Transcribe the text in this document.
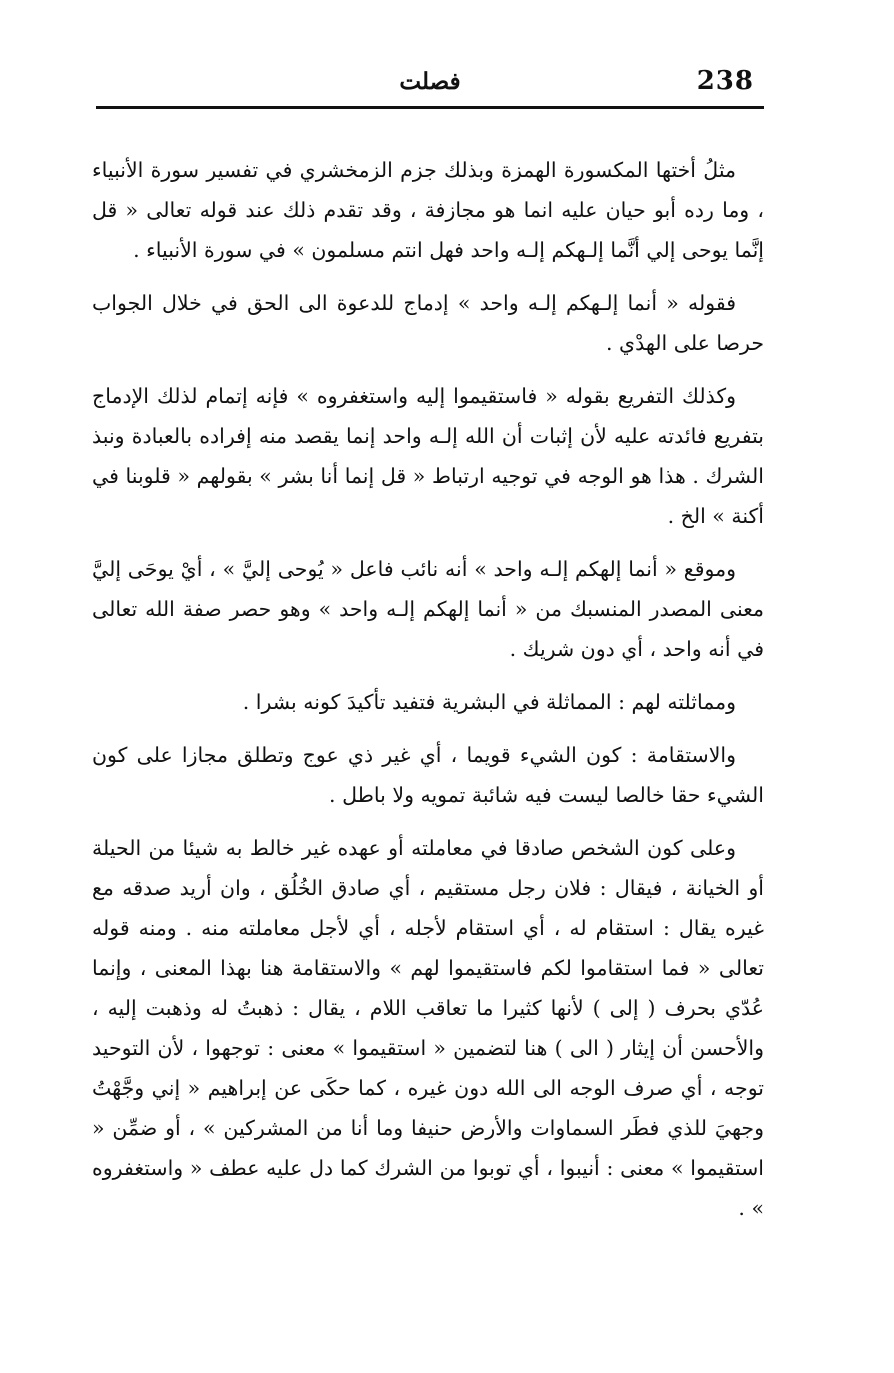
238
فصلت

مثلُ أختها المكسورة الهمزة وبذلك جزم الزمخشري في تفسير سورة الأنبياء ، وما رده أبو حيان عليه انما هو مجازفة ، وقد تقدم ذلك عند قوله تعالى « قل إنَّما يوحى إلي أنَّما إلـهكم إلـه واحد فهل انتم مسلمون » في سورة الأنبياء .

فقوله « أنما إلـهكم إلـه واحد » إدماج للدعوة الى الحق في خلال الجواب حرصا على الهدْي .

وكذلك التفريع بقوله « فاستقيموا إليه واستغفروه » فإنه إتمام لذلك الإدماج بتفريع فائدته عليه لأن إثبات أن الله إلـه واحد إنما يقصد منه إفراده بالعبادة ونبذ الشرك . هذا هو الوجه في توجيه ارتباط « قل إنما أنا بشر » بقولهم « قلوبنا في أكنة » الخ .

وموقع « أنما إلهكم إلـه واحد » أنه نائب فاعل « يُوحى إليَّ » ، أيْ يوحَى إليَّ معنى المصدر المنسبك من « أنما إلهكم إلـه واحد » وهو حصر صفة الله تعالى في أنه واحد ، أي دون شريك .

ومماثلته لهم : المماثلة في البشرية فتفيد تأكيدَ كونه بشرا .

والاستقامة : كون الشيء قويما ، أي غير ذي عوج وتطلق مجازا على كون الشيء حقا خالصا ليست فيه شائبة تمويه ولا باطل .

وعلى كون الشخص صادقا في معاملته أو عهده غير خالط به شيئا من الحيلة أو الخيانة ، فيقال : فلان رجل مستقيم ، أي صادق الخُلُق ، وان أريد صدقه مع غيره يقال : استقام له ، أي استقام لأجله ، أي لأجل معاملته منه . ومنه قوله تعالى « فما استقاموا لكم فاستقيموا لهم » والاستقامة هنا بهذا المعنى ، وإنما عُدّي بحرف ( إلى ) لأنها كثيرا ما تعاقب اللام ، يقال : ذهبتُ له وذهبت إليه ، والأحسن أن إيثار ( الى ) هنا لتضمين « استقيموا » معنى : توجهوا ، لأن التوحيد توجه ، أي صرف الوجه الى الله دون غيره ، كما حكَى عن إبراهيم « إني وجَّهْتُ وجهيَ للذي فطَر السماوات والأرض حنيفا وما أنا من المشركين » ، أو ضمِّن « استقيموا » معنى : أنيبوا ، أي توبوا من الشرك كما دل عليه عطف « واستغفروه » .
